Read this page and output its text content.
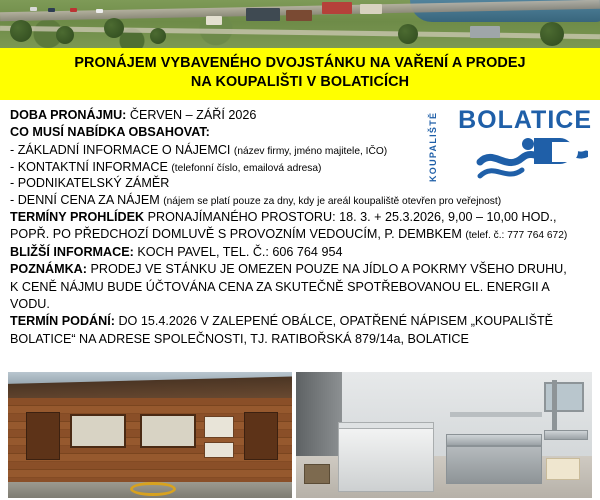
PRONÁJEM VYBAVENÉHO DVOJSTÁNKU NA VAŘENÍ A PRODEJ
NA KOUPALIŠTI V BOLATICÍCH
BOLATICE
KOUPALIŠTĚ

DOBA PRONÁJMU: ČERVEN – ZÁŘÍ 2026

CO MUSÍ NABÍDKA OBSAHOVAT:

- ZÁKLADNÍ INFORMACE O NÁJEMCI (název firmy, jméno majitele, IČO)

- KONTAKTNÍ INFORMACE (telefonní číslo, emailová adresa)

- PODNIKATELSKÝ ZÁMĚR

- DENNÍ CENA ZA NÁJEM (nájem se platí pouze za dny, kdy je areál koupaliště otevřen pro veřejnost)

TERMÍNY PROHLÍDEK PRONAJÍMANÉHO PROSTORU: 18. 3. + 25.3.2026, 9,00 – 10,00 HOD.,

POPŘ. PO PŘEDCHOZÍ DOMLUVĚ S PROVOZNÍM VEDOUCÍM, P. DEMBKEM (telef. č.: 777 764 672)

BLIŽŠÍ INFORMACE: KOCH PAVEL, TEL. Č.: 606 764 954

POZNÁMKA: PRODEJ VE STÁNKU JE OMEZEN POUZE NA JÍDLO A POKRMY VŠEHO DRUHU,

K CENĚ NÁJMU BUDE ÚČTOVÁNA CENA ZA SKUTEČNĚ SPOTŘEBOVANOU EL. ENERGII A VODU.

TERMÍN PODÁNÍ: DO 15.4.2026 V ZALEPENÉ OBÁLCE, OPATŘENÉ NÁPISEM „KOUPALIŠTĚ

BOLATICE“ NA ADRESE SPOLEČNOSTI, TJ. RATIBOŘSKÁ 879/14a, BOLATICE
